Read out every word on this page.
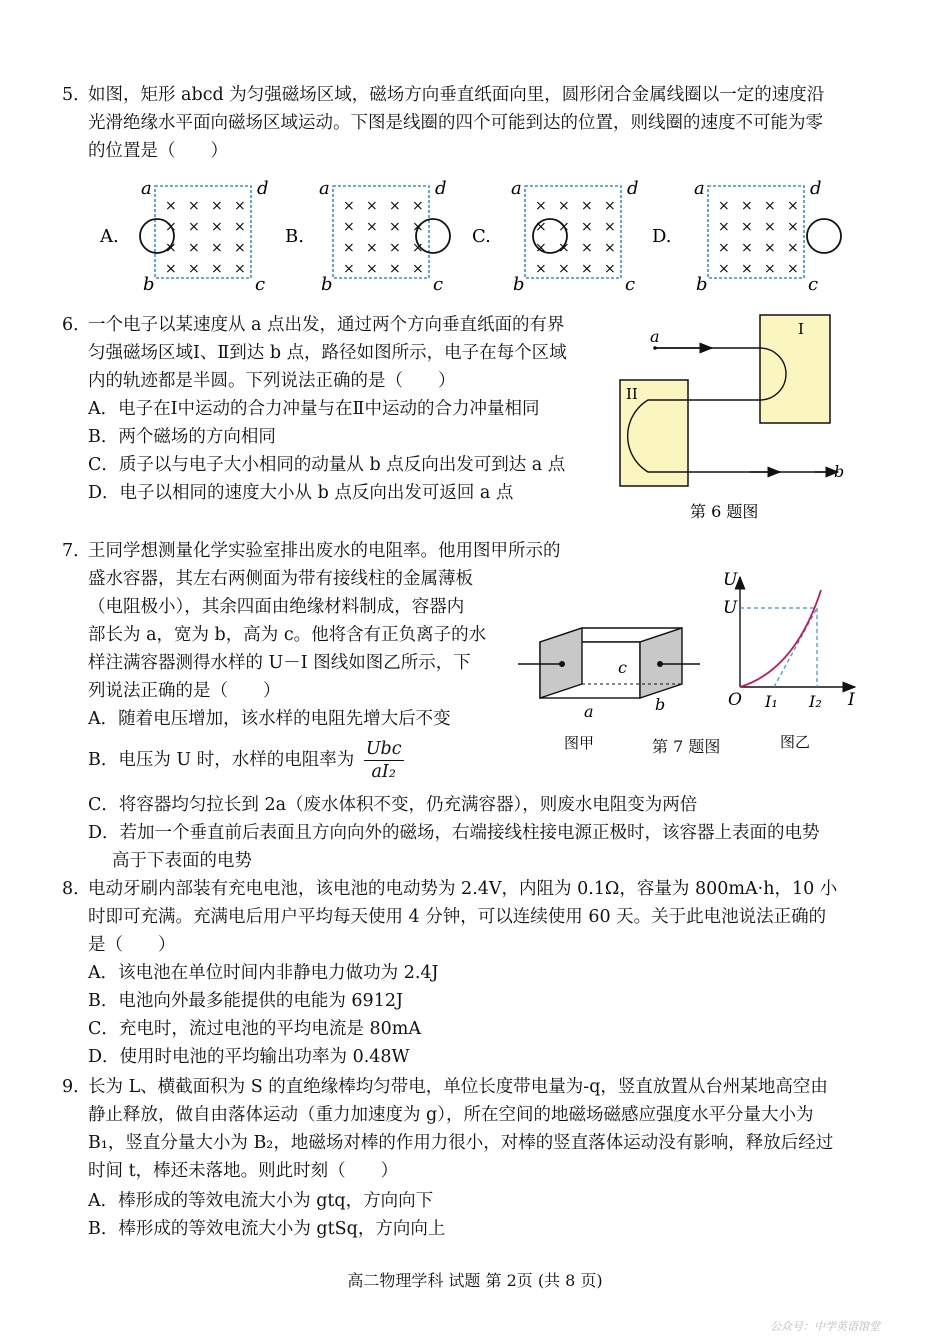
5．
如图，矩形 abcd 为匀强磁场区域，磁场方向垂直纸面向里，圆形闭合金属线圈以一定的速度沿
光滑绝缘水平面向磁场区域运动。下图是线圈的四个可能到达的位置，则线圈的速度不可能为零
的位置是（　　）
A.
× × × ×
× × × ×
× × × ×
× × × ×
a	d
b	c
B.
× × × ×
× × × ×
× × × ×
× × × ×
a	d
b	c
C.
× × × ×
× × × ×
× × × ×
× × × ×
a	d
b	c
D.
× × × ×
× × × ×
× × × ×
× × × ×
a	d
b	c
6．
一个电子以某速度从 a 点出发，通过两个方向垂直纸面的有界
匀强磁场区域Ⅰ、Ⅱ到达 b 点，路径如图所示，电子在每个区域
内的轨迹都是半圆。下列说法正确的是（　　）
A．电子在Ⅰ中运动的合力冲量与在Ⅱ中运动的合力冲量相同
B．两个磁场的方向相同
C．质子以与电子大小相同的动量从 b 点反向出发可到达 a 点
D．电子以相同的速度大小从 b 点反向出发可返回 a 点
a
b
I
II
第 6 题图
7．
王同学想测量化学实验室排出废水的电阻率。他用图甲所示的
盛水容器，其左右两侧面为带有接线柱的金属薄板
（电阻极小），其余四面由绝缘材料制成，容器内
部长为 a，宽为 b，高为 c。他将含有正负离子的水
样注满容器测得水样的 U－I 图线如图乙所示，下
列说法正确的是（　　）
A．随着电压增加，该水样的电阻先增大后不变
B．电压为 U 时，水样的电阻率为 $\frac{\text{Ubc}}{\text{aI₂}}$
C．将容器均匀拉长到 2a（废水体积不变，仍充满容器），则废水电阻变为两倍
D．若加一个垂直前后表面且方向向外的磁场，右端接线柱接电源正极时，该容器上表面的电势
高于下表面的电势
c
a	b
图甲	第 7 题图
U
U
I
O I₁ I₂
图乙
8．
电动牙刷内部装有充电电池，该电池的电动势为 2.4V，内阻为 0.1Ω，容量为 800mA·h，10 小
时即可充满。充满电后用户平均每天使用 4 分钟，可以连续使用 60 天。关于此电池说法正确的
是（　　）
A．该电池在单位时间内非静电力做功为 2.4J
B．电池向外最多能提供的电能为 6912J
C．充电时，流过电池的平均电流是 80mA
D．使用时电池的平均输出功率为 0.48W
9．
长为 L、横截面积为 S 的直绝缘棒均匀带电，单位长度带电量为-q，竖直放置从台州某地高空由
静止释放，做自由落体运动（重力加速度为 g），所在空间的地磁场磁感应强度水平分量大小为
B₁，竖直分量大小为 B₂，地磁场对棒的作用力很小，对棒的竖直落体运动没有影响，释放后经过
时间 t，棒还未落地。则此时刻（　　）
A．棒形成的等效电流大小为 gtq，方向向下
B．棒形成的等效电流大小为 gtSq，方向向上
高二物理学科 试题 第 2页 (共 8 页)
公众号：中学英语馆堂
